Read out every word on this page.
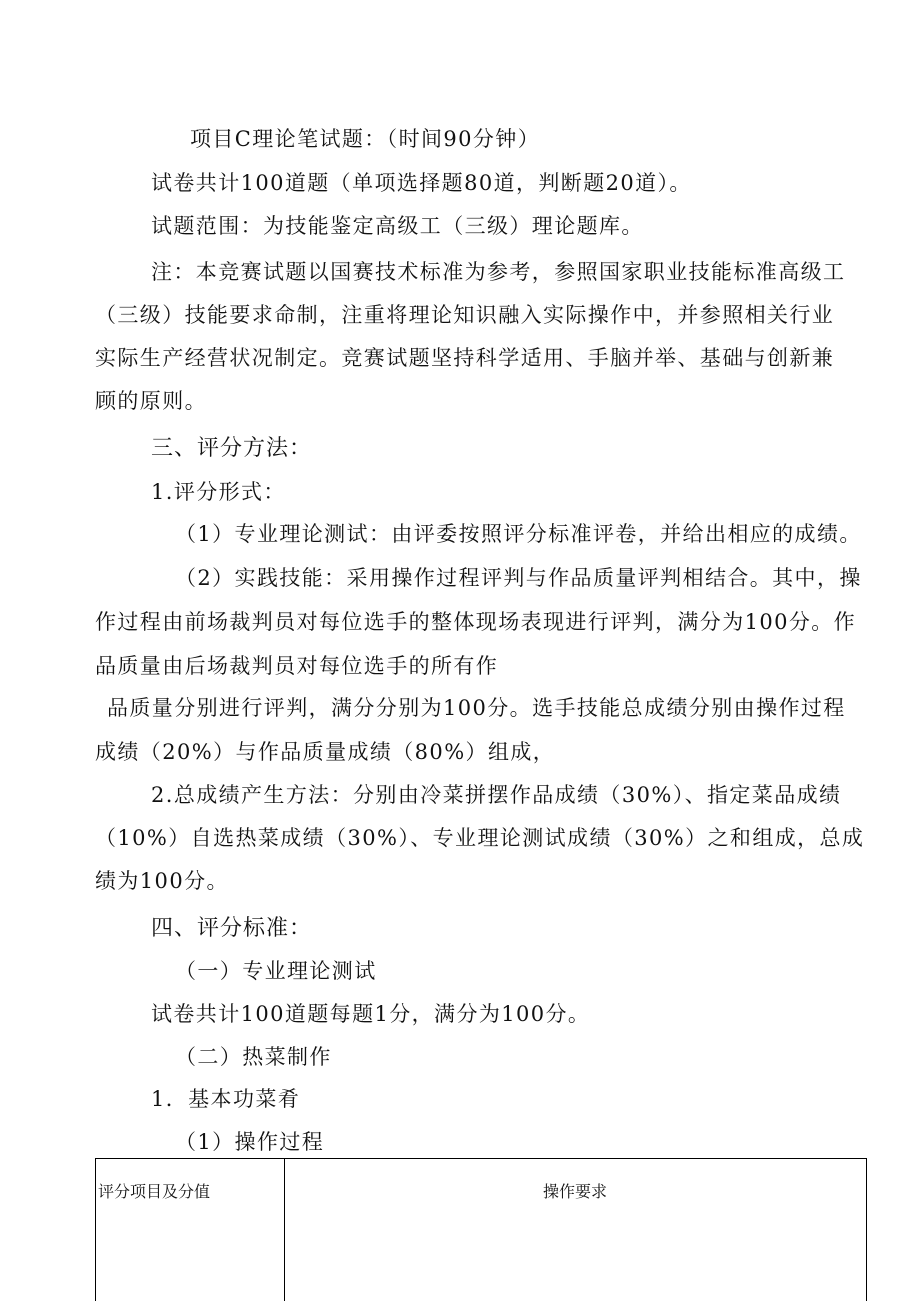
项目C理论笔试题：（时间90分钟）
试卷共计100道题（单项选择题80道，判断题20道）。
试题范围：为技能鉴定高级工（三级）理论题库。
注：本竞赛试题以国赛技术标准为参考，参照国家职业技能标准高级工
（三级）技能要求命制，注重将理论知识融入实际操作中，并参照相关行业
实际生产经营状况制定。竞赛试题坚持科学适用、手脑并举、基础与创新兼
顾的原则。
三、评分方法：
1.评分形式：
（1）专业理论测试：由评委按照评分标准评卷，并给出相应的成绩。
（2）实践技能：采用操作过程评判与作品质量评判相结合。其中，操
作过程由前场裁判员对每位选手的整体现场表现进行评判，满分为100分。作
品质量由后场裁判员对每位选手的所有作
品质量分别进行评判，满分分别为100分。选手技能总成绩分别由操作过程
成绩（20%）与作品质量成绩（80%）组成，
2.总成绩产生方法：分别由冷菜拼摆作品成绩（30%）、指定菜品成绩
（10%）自选热菜成绩（30%）、专业理论测试成绩（30%）之和组成，总成
绩为100分。
四、评分标准：
（一）专业理论测试
试卷共计100道题每题1分，满分为100分。
（二）热菜制作
1．基本功菜肴
（1）操作过程
评分项目及分值	操作要求
